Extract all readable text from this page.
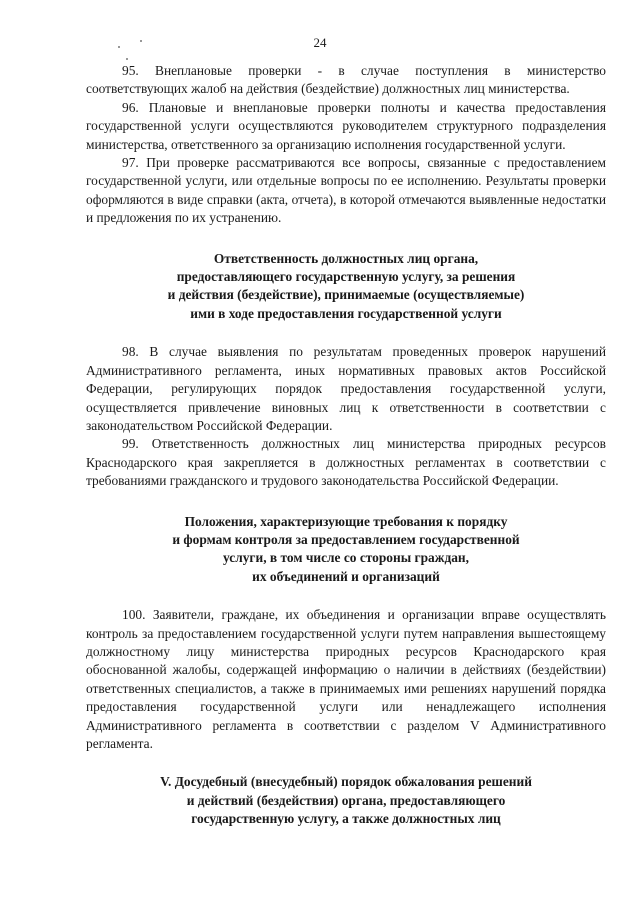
24

95. Внеплановые проверки - в случае поступления в министерство соответствующих жалоб на действия (бездействие) должностных лиц министерства.

96. Плановые и внеплановые проверки полноты и качества предоставления государственной услуги осуществляются руководителем структурного подразделения министерства, ответственного за организацию исполнения государственной услуги.

97. При проверке рассматриваются все вопросы, связанные с предоставлением государственной услуги, или отдельные вопросы по ее исполнению. Результаты проверки оформляются в виде справки (акта, отчета), в которой отмечаются выявленные недостатки и предложения по их устранению.

Ответственность должностных лиц органа,
предоставляющего государственную услугу, за решения
и действия (бездействие), принимаемые (осуществляемые)
ими в ходе предоставления государственной услуги

98. В случае выявления по результатам проведенных проверок нарушений Административного регламента, иных нормативных правовых актов Российской Федерации, регулирующих порядок предоставления государственной услуги, осуществляется привлечение виновных лиц к ответственности в соответствии с законодательством Российской Федерации.

99. Ответственность должностных лиц министерства природных ресурсов Краснодарского края закрепляется в должностных регламентах в соответствии с требованиями гражданского и трудового законодательства Российской Федерации.

Положения, характеризующие требования к порядку
и формам контроля за предоставлением государственной
услуги, в том числе со стороны граждан,
их объединений и организаций

100. Заявители, граждане, их объединения и организации вправе осуществлять контроль за предоставлением государственной услуги путем направления вышестоящему должностному лицу министерства природных ресурсов Краснодарского края обоснованной жалобы, содержащей информацию о наличии в действиях (бездействии) ответственных специалистов, а также в принимаемых ими решениях нарушений порядка предоставления государственной услуги или ненадлежащего исполнения Административного регламента в соответствии с разделом V Административного регламента.

V. Досудебный (внесудебный) порядок обжалования решений
и действий (бездействия) органа, предоставляющего
государственную услугу, а также должностных лиц
